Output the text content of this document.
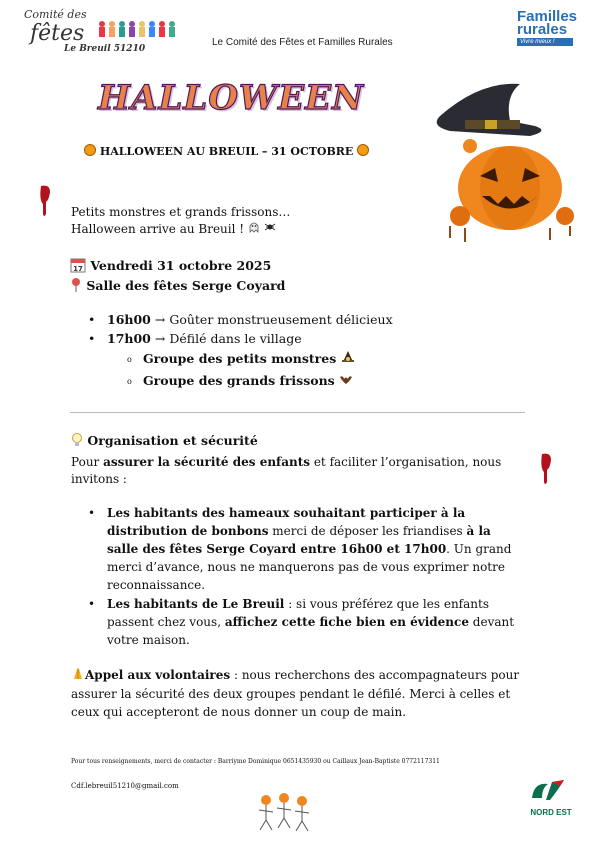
Comité des
fêtes
Le Breuil 51210
Le Comité des Fêtes et Familles Rurales
Familles
rurales
Vivre mieux !
HALLOWEEN
HALLOWEEN AU BREUIL – 31 OCTOBRE
Petits monstres et grands frissons…
Halloween arrive au Breuil !
17 Vendredi 31 octobre 2025
Salle des fêtes Serge Coyard
• 16h00 → Goûter monstrueusement délicieux
• 17h00 → Défilé dans le village
o Groupe des petits monstres
o Groupe des grands frissons
Organisation et sécurité
Pour assurer la sécurité des enfants et faciliter l’organisation, nous invitons :
• Les habitants des hameaux souhaitant participer à la distribution de bonbons merci de déposer les friandises à la salle des fêtes Serge Coyard entre 16h00 et 17h00. Un grand merci d’avance, nous ne manquerons pas de vous exprimer notre reconnaissance.
• Les habitants de Le Breuil : si vous préférez que les enfants passent chez vous, affichez cette fiche bien en évidence devant votre maison.
Appel aux volontaires : nous recherchons des accompagnateurs pour assurer la sécurité des deux groupes pendant le défilé. Merci à celles et ceux qui accepteront de nous donner un coup de main.
Pour tous renseignements, merci de contacter : Barriyme Dominique 0651435930 ou Caillaux Jean-Baptiste 0772117311
Cdf.lebreuil51210@gmail.com
NORD EST
